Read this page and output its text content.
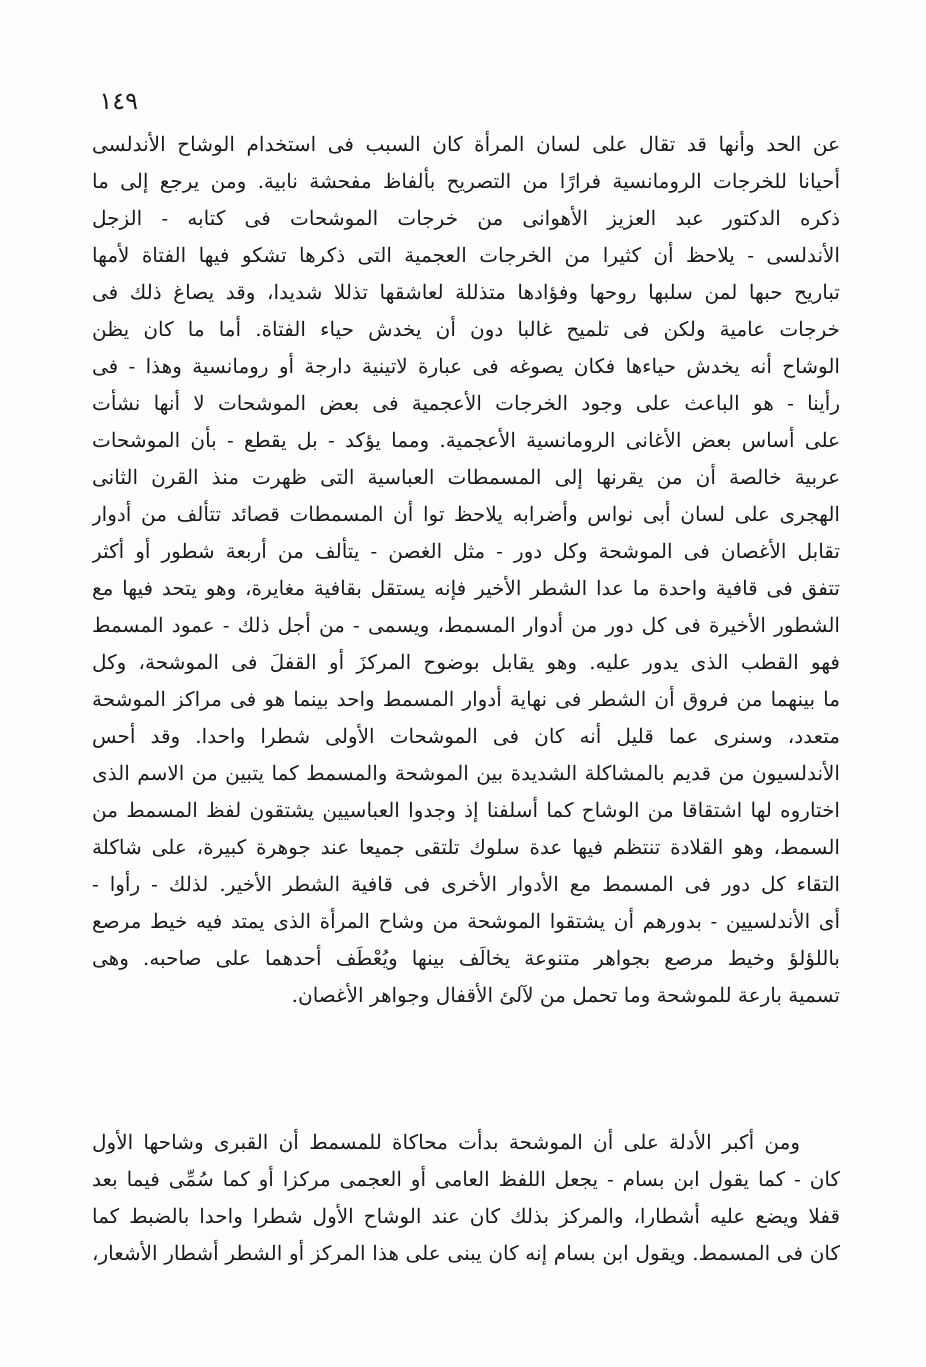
١٤٩
عن الحد وأنها قد تقال على لسان المرأة كان السبب فى استخدام الوشاح الأندلسى
أحيانا للخرجات الرومانسية فرارًا من التصريح بألفاظ مفحشة نابية. ومن يرجع إلى ما
ذكره الدكتور عبد العزيز الأهوانى من خرجات الموشحات فى كتابه - الزجل
الأندلسى - يلاحظ أن كثيرا من الخرجات العجمية التى ذكرها تشكو فيها الفتاة لأمها
تباريح حبها لمن سلبها روحها وفؤادها متذللة لعاشقها تذللا شديدا، وقد يصاغ ذلك فى
خرجات عامية ولكن فى تلميح غالبا دون أن يخدش حياء الفتاة. أما ما كان يظن
الوشاح أنه يخدش حياءها فكان يصوغه فى عبارة لاتينية دارجة أو رومانسية وهذا - فى
رأينا - هو الباعث على وجود الخرجات الأعجمية فى بعض الموشحات لا أنها نشأت
على أساس بعض الأغانى الرومانسية الأعجمية. ومما يؤكد - بل يقطع - بأن الموشحات
عربية خالصة أن من يقرنها إلى المسمطات العباسية التى ظهرت منذ القرن الثانى
الهجرى على لسان أبى نواس وأضرابه يلاحظ توا أن المسمطات قصائد تتألف من أدوار
تقابل الأغصان فى الموشحة وكل دور - مثل الغصن - يتألف من أربعة شطور أو أكثر
تتفق فى قافية واحدة ما عدا الشطر الأخير فإنه يستقل بقافية مغايرة، وهو يتحد فيها مع
الشطور الأخيرة فى كل دور من أدوار المسمط، ويسمى - من أجل ذلك - عمود المسمط
فهو القطب الذى يدور عليه. وهو يقابل بوضوح المركزَ أو القفلَ فى الموشحة، وكل
ما بينهما من فروق أن الشطر فى نهاية أدوار المسمط واحد بينما هو فى مراكز الموشحة
متعدد، وسنرى عما قليل أنه كان فى الموشحات الأولى شطرا واحدا. وقد أحس
الأندلسيون من قديم بالمشاكلة الشديدة بين الموشحة والمسمط كما يتبين من الاسم الذى
اختاروه لها اشتقاقا من الوشاح كما أسلفنا إذ وجدوا العباسيين يشتقون لفظ المسمط من
السمط، وهو القلادة تنتظم فيها عدة سلوك تلتقى جميعا عند جوهرة كبيرة، على شاكلة
التقاء كل دور فى المسمط مع الأدوار الأخرى فى قافية الشطر الأخير. لذلك - رأوا -
أى الأندلسيين - بدورهم أن يشتقوا الموشحة من وشاح المرأة الذى يمتد فيه خيط مرصع
باللؤلؤ وخيط مرصع بجواهر متنوعة يخالَف بينها ويُعْطَف أحدهما على صاحبه. وهى
تسمية بارعة للموشحة وما تحمل من لآلئ الأقفال وجواهر الأغصان.
ومن أكبر الأدلة على أن الموشحة بدأت محاكاة للمسمط أن القبرى وشاحها الأول
كان - كما يقول ابن بسام - يجعل اللفظ العامى أو العجمى مركزا أو كما سُمِّى فيما بعد
قفلا ويضع عليه أشطارا، والمركز بذلك كان عند الوشاح الأول شطرا واحدا بالضبط كما
كان فى المسمط. ويقول ابن بسام إنه كان يبنى على هذا المركز أو الشطر أشطار الأشعار،
